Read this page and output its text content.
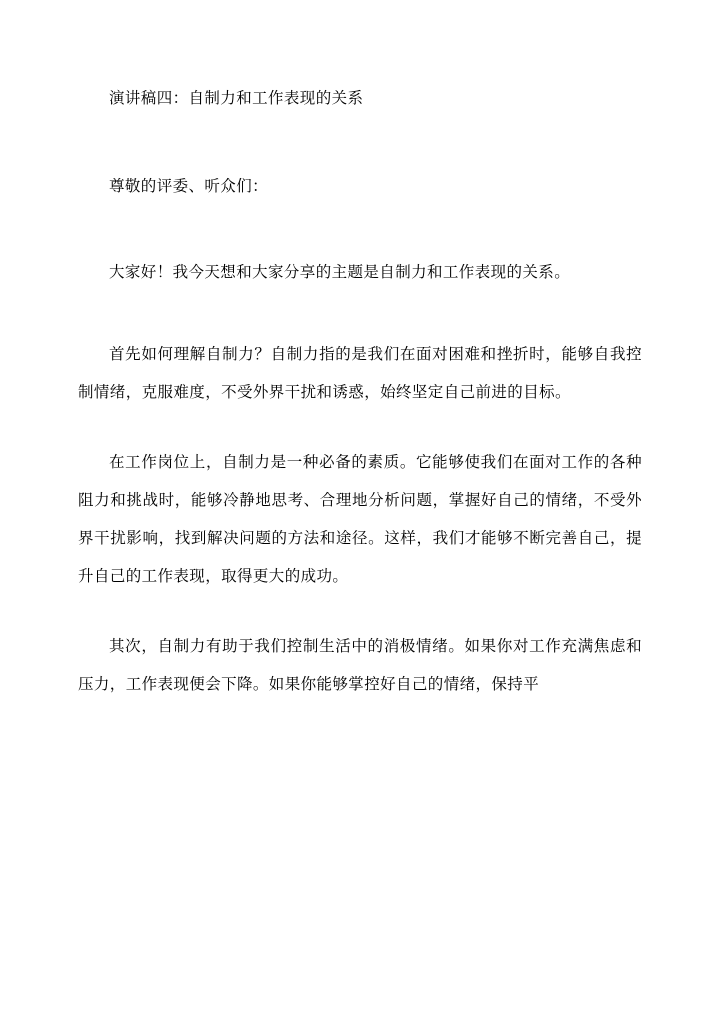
演讲稿四：自制力和工作表现的关系

尊敬的评委、听众们：

大家好！我今天想和大家分享的主题是自制力和工作表现的关系。

首先如何理解自制力？自制力指的是我们在面对困难和挫折时，能够自我控制情绪，克服难度，不受外界干扰和诱惑，始终坚定自己前进的目标。

在工作岗位上，自制力是一种必备的素质。它能够使我们在面对工作的各种阻力和挑战时，能够冷静地思考、合理地分析问题，掌握好自己的情绪，不受外界干扰影响，找到解决问题的方法和途径。这样，我们才能够不断完善自己，提升自己的工作表现，取得更大的成功。

其次，自制力有助于我们控制生活中的消极情绪。如果你对工作充满焦虑和压力，工作表现便会下降。如果你能够掌控好自己的情绪，保持平
